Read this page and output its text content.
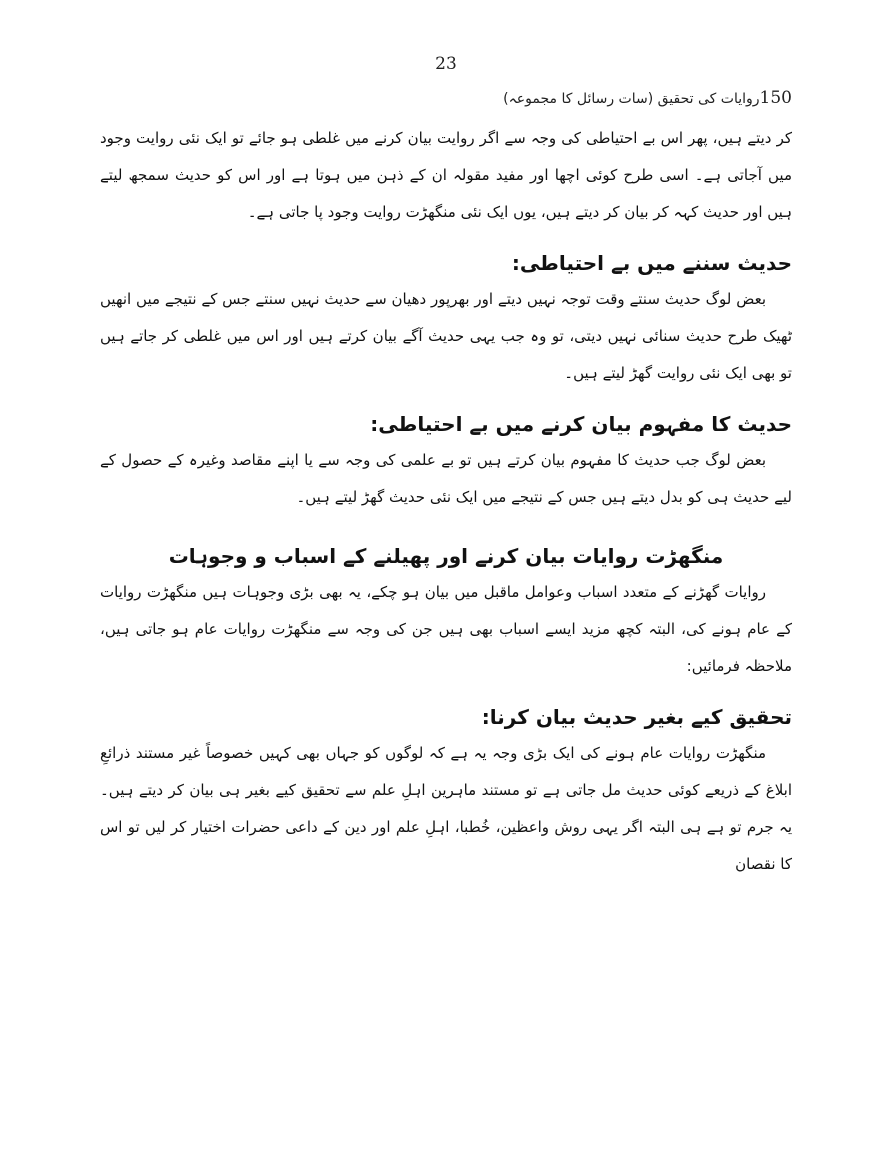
23
150روایات کی تحقیق (سات رسائل کا مجموعہ)

کر دیتے ہیں، پھر اس بے احتیاطی کی وجہ سے اگر روایت بیان کرنے میں غلطی ہو جائے تو ایک نئی روایت وجود میں آجاتی ہے۔ اسی طرح کوئی اچھا اور مفید مقولہ ان کے ذہن میں ہوتا ہے اور اس کو حدیث سمجھ لیتے ہیں اور حدیث کہہ کر بیان کر دیتے ہیں، یوں ایک نئی منگھڑت روایت وجود پا جاتی ہے۔

حدیث سننے میں بے احتیاطی:

بعض لوگ حدیث سنتے وقت توجہ نہیں دیتے اور بھرپور دھیان سے حدیث نہیں سنتے جس کے نتیجے میں انھیں ٹھیک طرح حدیث سنائی نہیں دیتی، تو وہ جب یہی حدیث آگے بیان کرتے ہیں اور اس میں غلطی کر جاتے ہیں تو بھی ایک نئی روایت گھڑ لیتے ہیں۔

حدیث کا مفہوم بیان کرنے میں بے احتیاطی:

بعض لوگ جب حدیث کا مفہوم بیان کرتے ہیں تو بے علمی کی وجہ سے یا اپنے مقاصد وغیرہ کے حصول کے لیے حدیث ہی کو بدل دیتے ہیں جس کے نتیجے میں ایک نئی حدیث گھڑ لیتے ہیں۔

منگھڑت روایات بیان کرنے اور پھیلنے کے اسباب و وجوہات

روایات گھڑنے کے متعدد اسباب وعوامل ماقبل میں بیان ہو چکے، یہ بھی بڑی وجوہات ہیں منگھڑت روایات کے عام ہونے کی، البتہ کچھ مزید ایسے اسباب بھی ہیں جن کی وجہ سے منگھڑت روایات عام ہو جاتی ہیں، ملاحظہ فرمائیں:

تحقیق کیے بغیر حدیث بیان کرنا:

منگھڑت روایات عام ہونے کی ایک بڑی وجہ یہ ہے کہ لوگوں کو جہاں بھی کہیں خصوصاً غیر مستند ذرائعِ ابلاغ کے ذریعے کوئی حدیث مل جاتی ہے تو مستند ماہرین اہلِ علم سے تحقیق کیے بغیر ہی بیان کر دیتے ہیں۔ یہ جرم تو ہے ہی البتہ اگر یہی روش واعظین، خُطبا، اہلِ علم اور دین کے داعی حضرات اختیار کر لیں تو اس کا نقصان
